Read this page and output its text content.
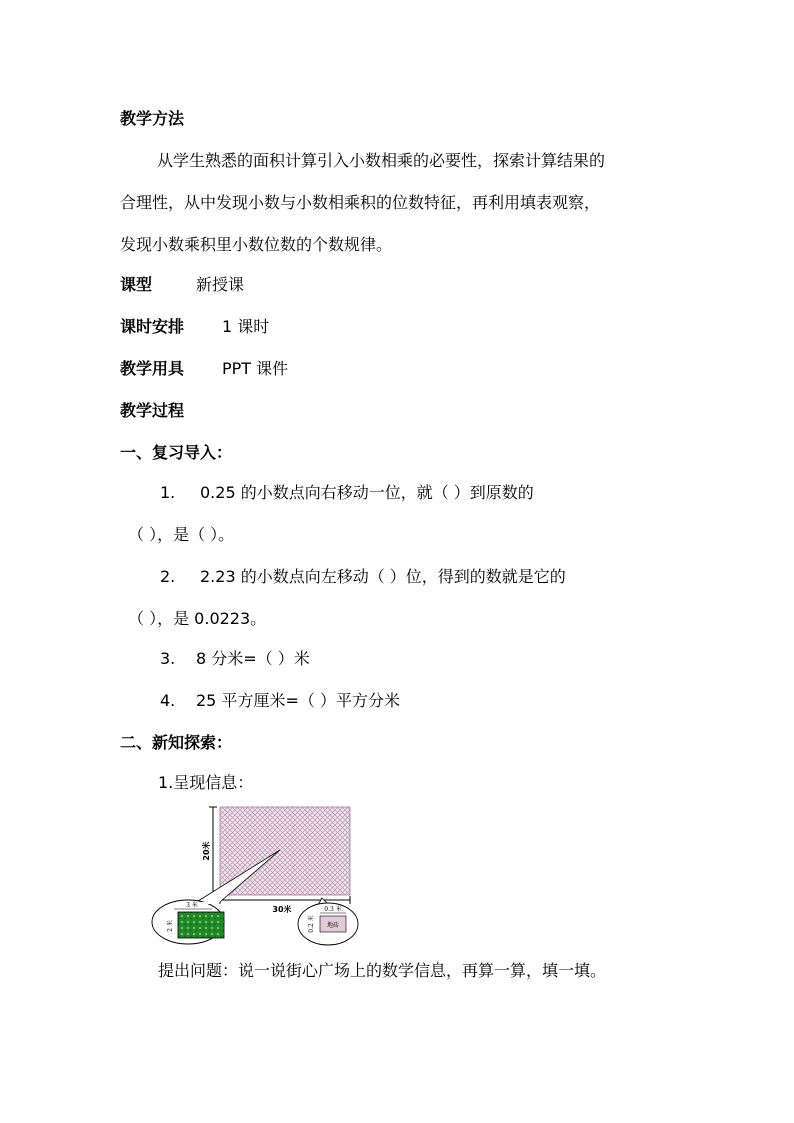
教学方法
从学生熟悉的面积计算引入小数相乘的必要性，探索计算结果的
合理性，从中发现小数与小数相乘积的位数特征，再利用填表观察，
发现小数乘积里小数位数的个数规律。
课型	新授课
课时安排 1 课时
教学用具 PPT 课件
教学过程
一、复习导入：
1. 0.25 的小数点向右移动一位，就（ ）到原数的
（ ），是（ ）。
2. 2.23 的小数点向左移动（ ）位，得到的数就是它的
（ ），是 0.0223。
3. 8 分米=（ ）米
4. 25 平方厘米=（ ）平方分米
二、新知探索：
1.呈现信息：
20米
30米
3 米
2 米
0.3 米
地砖
0.2 米
提出问题：说一说街心广场上的数学信息，再算一算，填一填。
